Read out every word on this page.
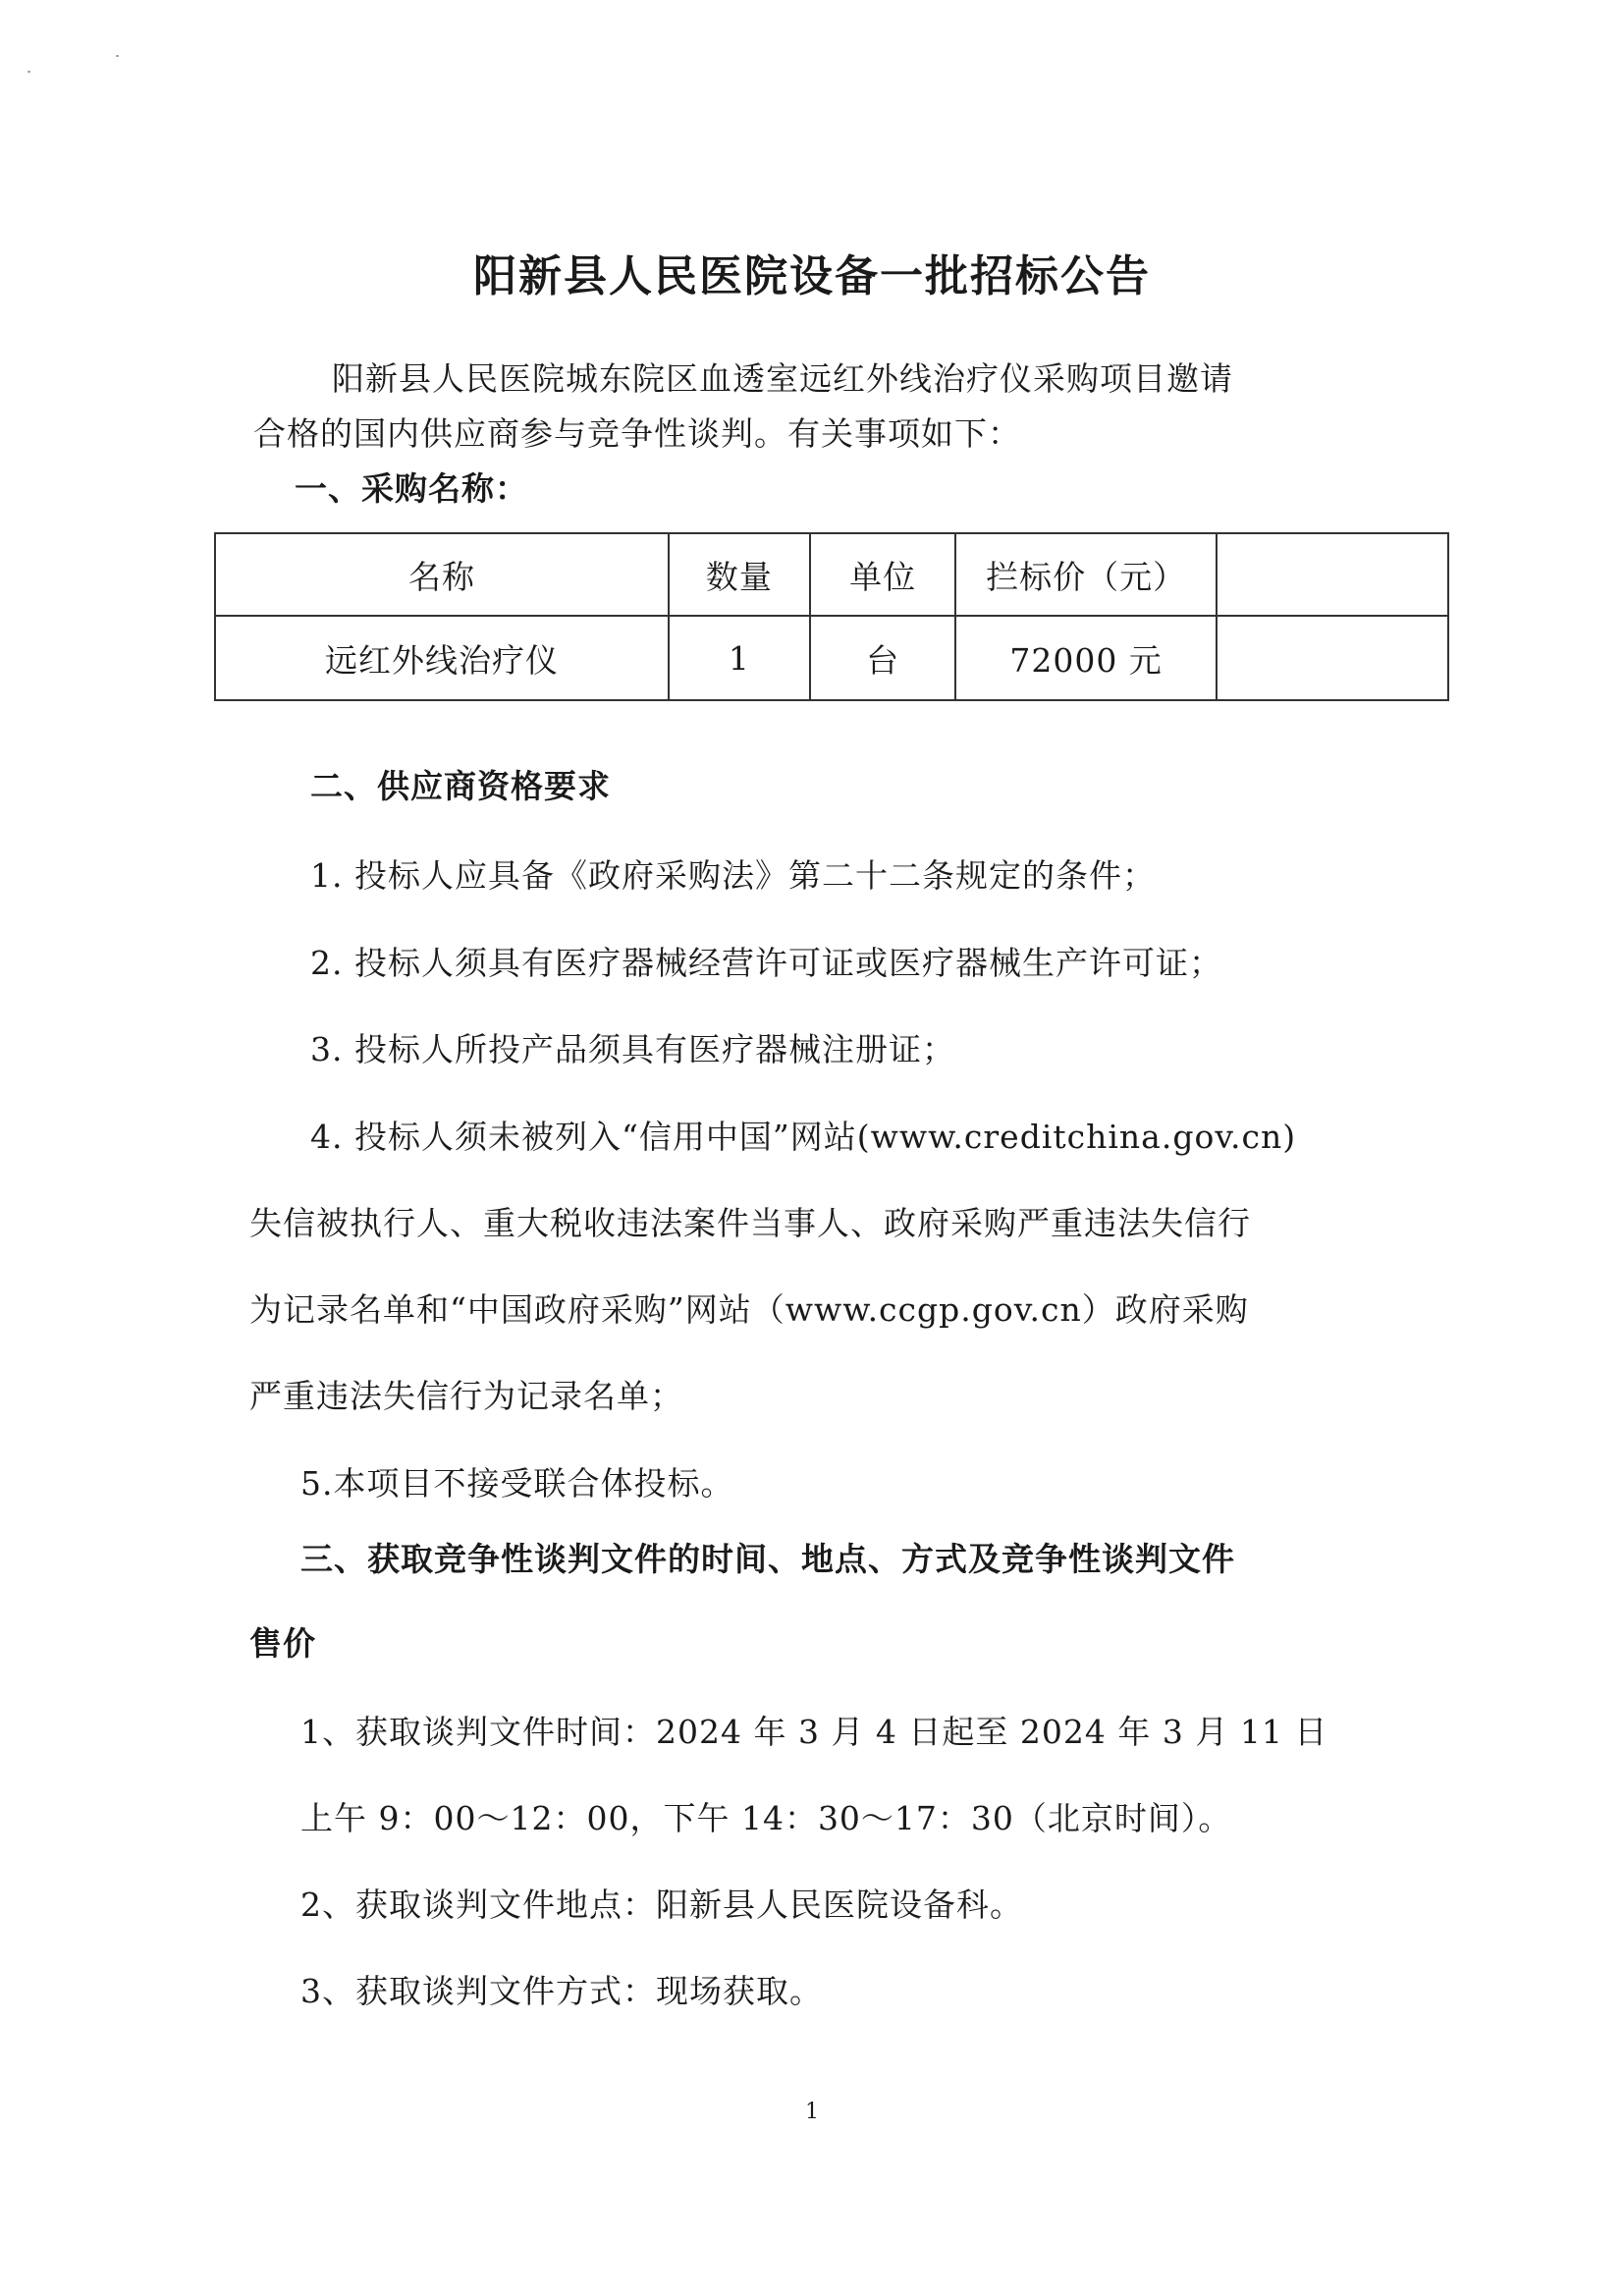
阳新县人民医院设备一批招标公告
阳新县人民医院城东院区血透室远红外线治疗仪采购项目邀请
合格的国内供应商参与竞争性谈判。有关事项如下：
一、采购名称：
名称	数量	单位	拦标价（元）	
远红外线治疗仪	1	台	72000 元	
二、供应商资格要求
1. 投标人应具备《政府采购法》第二十二条规定的条件；
2. 投标人须具有医疗器械经营许可证或医疗器械生产许可证；
3. 投标人所投产品须具有医疗器械注册证；
4. 投标人须未被列入“信用中国”网站(www.creditchina.gov.cn)
失信被执行人、重大税收违法案件当事人、政府采购严重违法失信行
为记录名单和“中国政府采购”网站（www.ccgp.gov.cn）政府采购
严重违法失信行为记录名单；
5.本项目不接受联合体投标。
三、获取竞争性谈判文件的时间、地点、方式及竞争性谈判文件
售价
1、获取谈判文件时间：2024 年 3 月 4 日起至 2024 年 3 月 11 日
上午 9：00～12：00，下午 14：30～17：30（北京时间）。
2、获取谈判文件地点：阳新县人民医院设备科。
3、获取谈判文件方式：现场获取。
1
